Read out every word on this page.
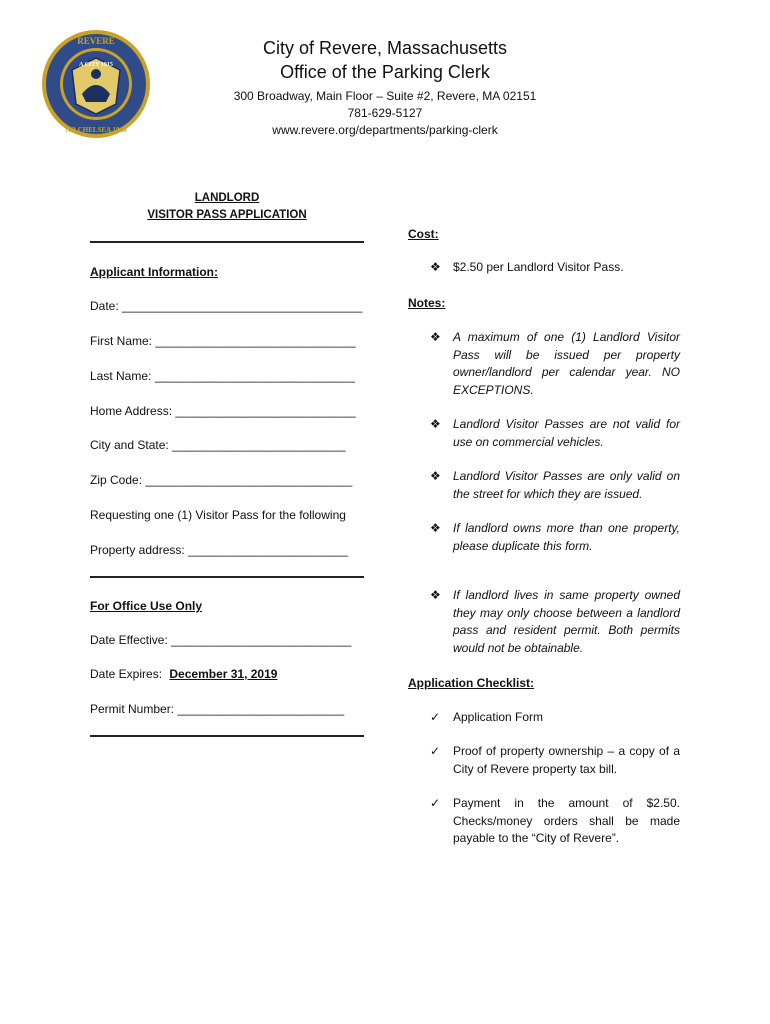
REVERE
NO CHELSEA 1846
A CITY 1915
City of Revere, Massachusetts
Office of the Parking Clerk
300 Broadway, Main Floor – Suite #2, Revere, MA 02151
781-629-5127
www.revere.org/departments/parking-clerk
LANDLORD
VISITOR PASS APPLICATION
Applicant Information:
Date: ____________________________________
First Name: ______________________________
Last Name: ______________________________
Home Address: ___________________________
City and State: __________________________
Zip Code: _______________________________
Requesting one (1) Visitor Pass for the following
Property address: ________________________
For Office Use Only
Date Effective: ___________________________
Date Expires: December 31, 2019
Permit Number: _________________________
Cost:
❖	$2.50 per Landlord Visitor Pass.
Notes:
❖	A maximum of one (1) Landlord Visitor Pass will be issued per property owner/landlord per calendar year. NO EXCEPTIONS.
❖	Landlord Visitor Passes are not valid for use on commercial vehicles.
❖	Landlord Visitor Passes are only valid on the street for which they are issued.
❖	If landlord owns more than one property, please duplicate this form.
❖	If landlord lives in same property owned they may only choose between a landlord pass and resident permit. Both permits would not be obtainable.
Application Checklist:
✓	Application Form
✓	Proof of property ownership – a copy of a City of Revere property tax bill.
✓	Payment in the amount of $2.50. Checks/money orders shall be made payable to the “City of Revere”.
